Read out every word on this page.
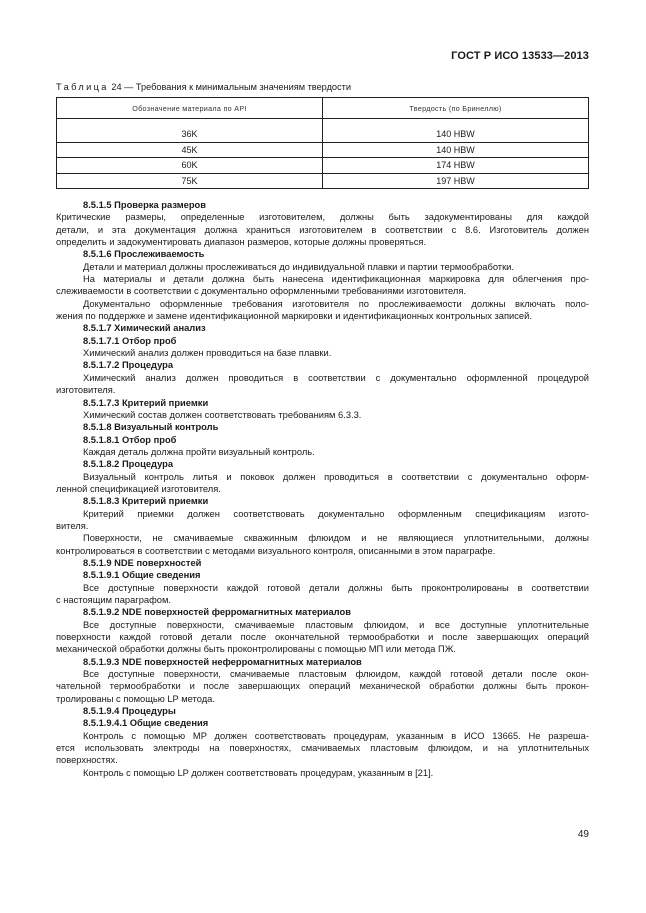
ГОСТ Р ИСО 13533—2013
Таблица 24 — Требования к минимальным значениям твердости
Обозначение материала по API	Твердость (по Бринеллю)

36K	140 HBW
45K	140 HBW
60K	174 HBW
75K	197 HBW

8.5.1.5 Проверка размеров

Критические размеры, определенные изготовителем, должны быть задокументированы для каждой

детали, и эта документация должна храниться изготовителем в соответствии с 8.6. Изготовитель должен

определить и задокументировать диапазон размеров, которые должны проверяться.

8.5.1.6 Прослеживаемость

Детали и материал должны прослеживаться до индивидуальной плавки и партии термообработки.

На материалы и детали должна быть нанесена идентификационная маркировка для облегчения про-

слеживаемости в соответствии с документально оформленными требованиями изготовителя.

Документально оформленные требования изготовителя по прослеживаемости должны включать поло-

жения по поддержке и замене идентификационной маркировки и идентификационных контрольных записей.

8.5.1.7 Химический анализ

8.5.1.7.1 Отбор проб

Химический анализ должен проводиться на базе плавки.

8.5.1.7.2 Процедура

Химический анализ должен проводиться в соответствии с документально оформленной процедурой

изготовителя.

8.5.1.7.3 Критерий приемки

Химический состав должен соответствовать требованиям 6.3.3.

8.5.1.8 Визуальный контроль

8.5.1.8.1 Отбор проб

Каждая деталь должна пройти визуальный контроль.

8.5.1.8.2 Процедура

Визуальный контроль литья и поковок должен проводиться в соответствии с документально оформ-

ленной спецификацией изготовителя.

8.5.1.8.3 Критерий приемки

Критерий приемки должен соответствовать документально оформленным спецификациям изгото-

вителя.

Поверхности, не смачиваемые скважинным флюидом и не являющиеся уплотнительными, должны

контролироваться в соответствии с методами визуального контроля, описанными в этом параграфе.

8.5.1.9 NDE поверхностей

8.5.1.9.1 Общие сведения

Все доступные поверхности каждой готовой детали должны быть проконтролированы в соответствии

с настоящим параграфом.

8.5.1.9.2 NDE поверхностей ферромагнитных материалов

Все доступные поверхности, смачиваемые пластовым флюидом, и все доступные уплотнительные

поверхности каждой готовой детали после окончательной термообработки и после завершающих операций

механической обработки должны быть проконтролированы с помощью МП или метода ПЖ.

8.5.1.9.3 NDE поверхностей неферромагнитных материалов

Все доступные поверхности, смачиваемые пластовым флюидом, каждой готовой детали после окон-

чательной термообработки и после завершающих операций механической обработки должны быть прокон-

тролированы с помощью LP метода.

8.5.1.9.4 Процедуры

8.5.1.9.4.1 Общие сведения

Контроль с помощью MP должен соответствовать процедурам, указанным в ИСО 13665. Не разреша-

ется использовать электроды на поверхностях, смачиваемых пластовым флюидом, и на уплотнительных

поверхностях.

Контроль с помощью LP должен соответствовать процедурам, указанным в [21].

49
